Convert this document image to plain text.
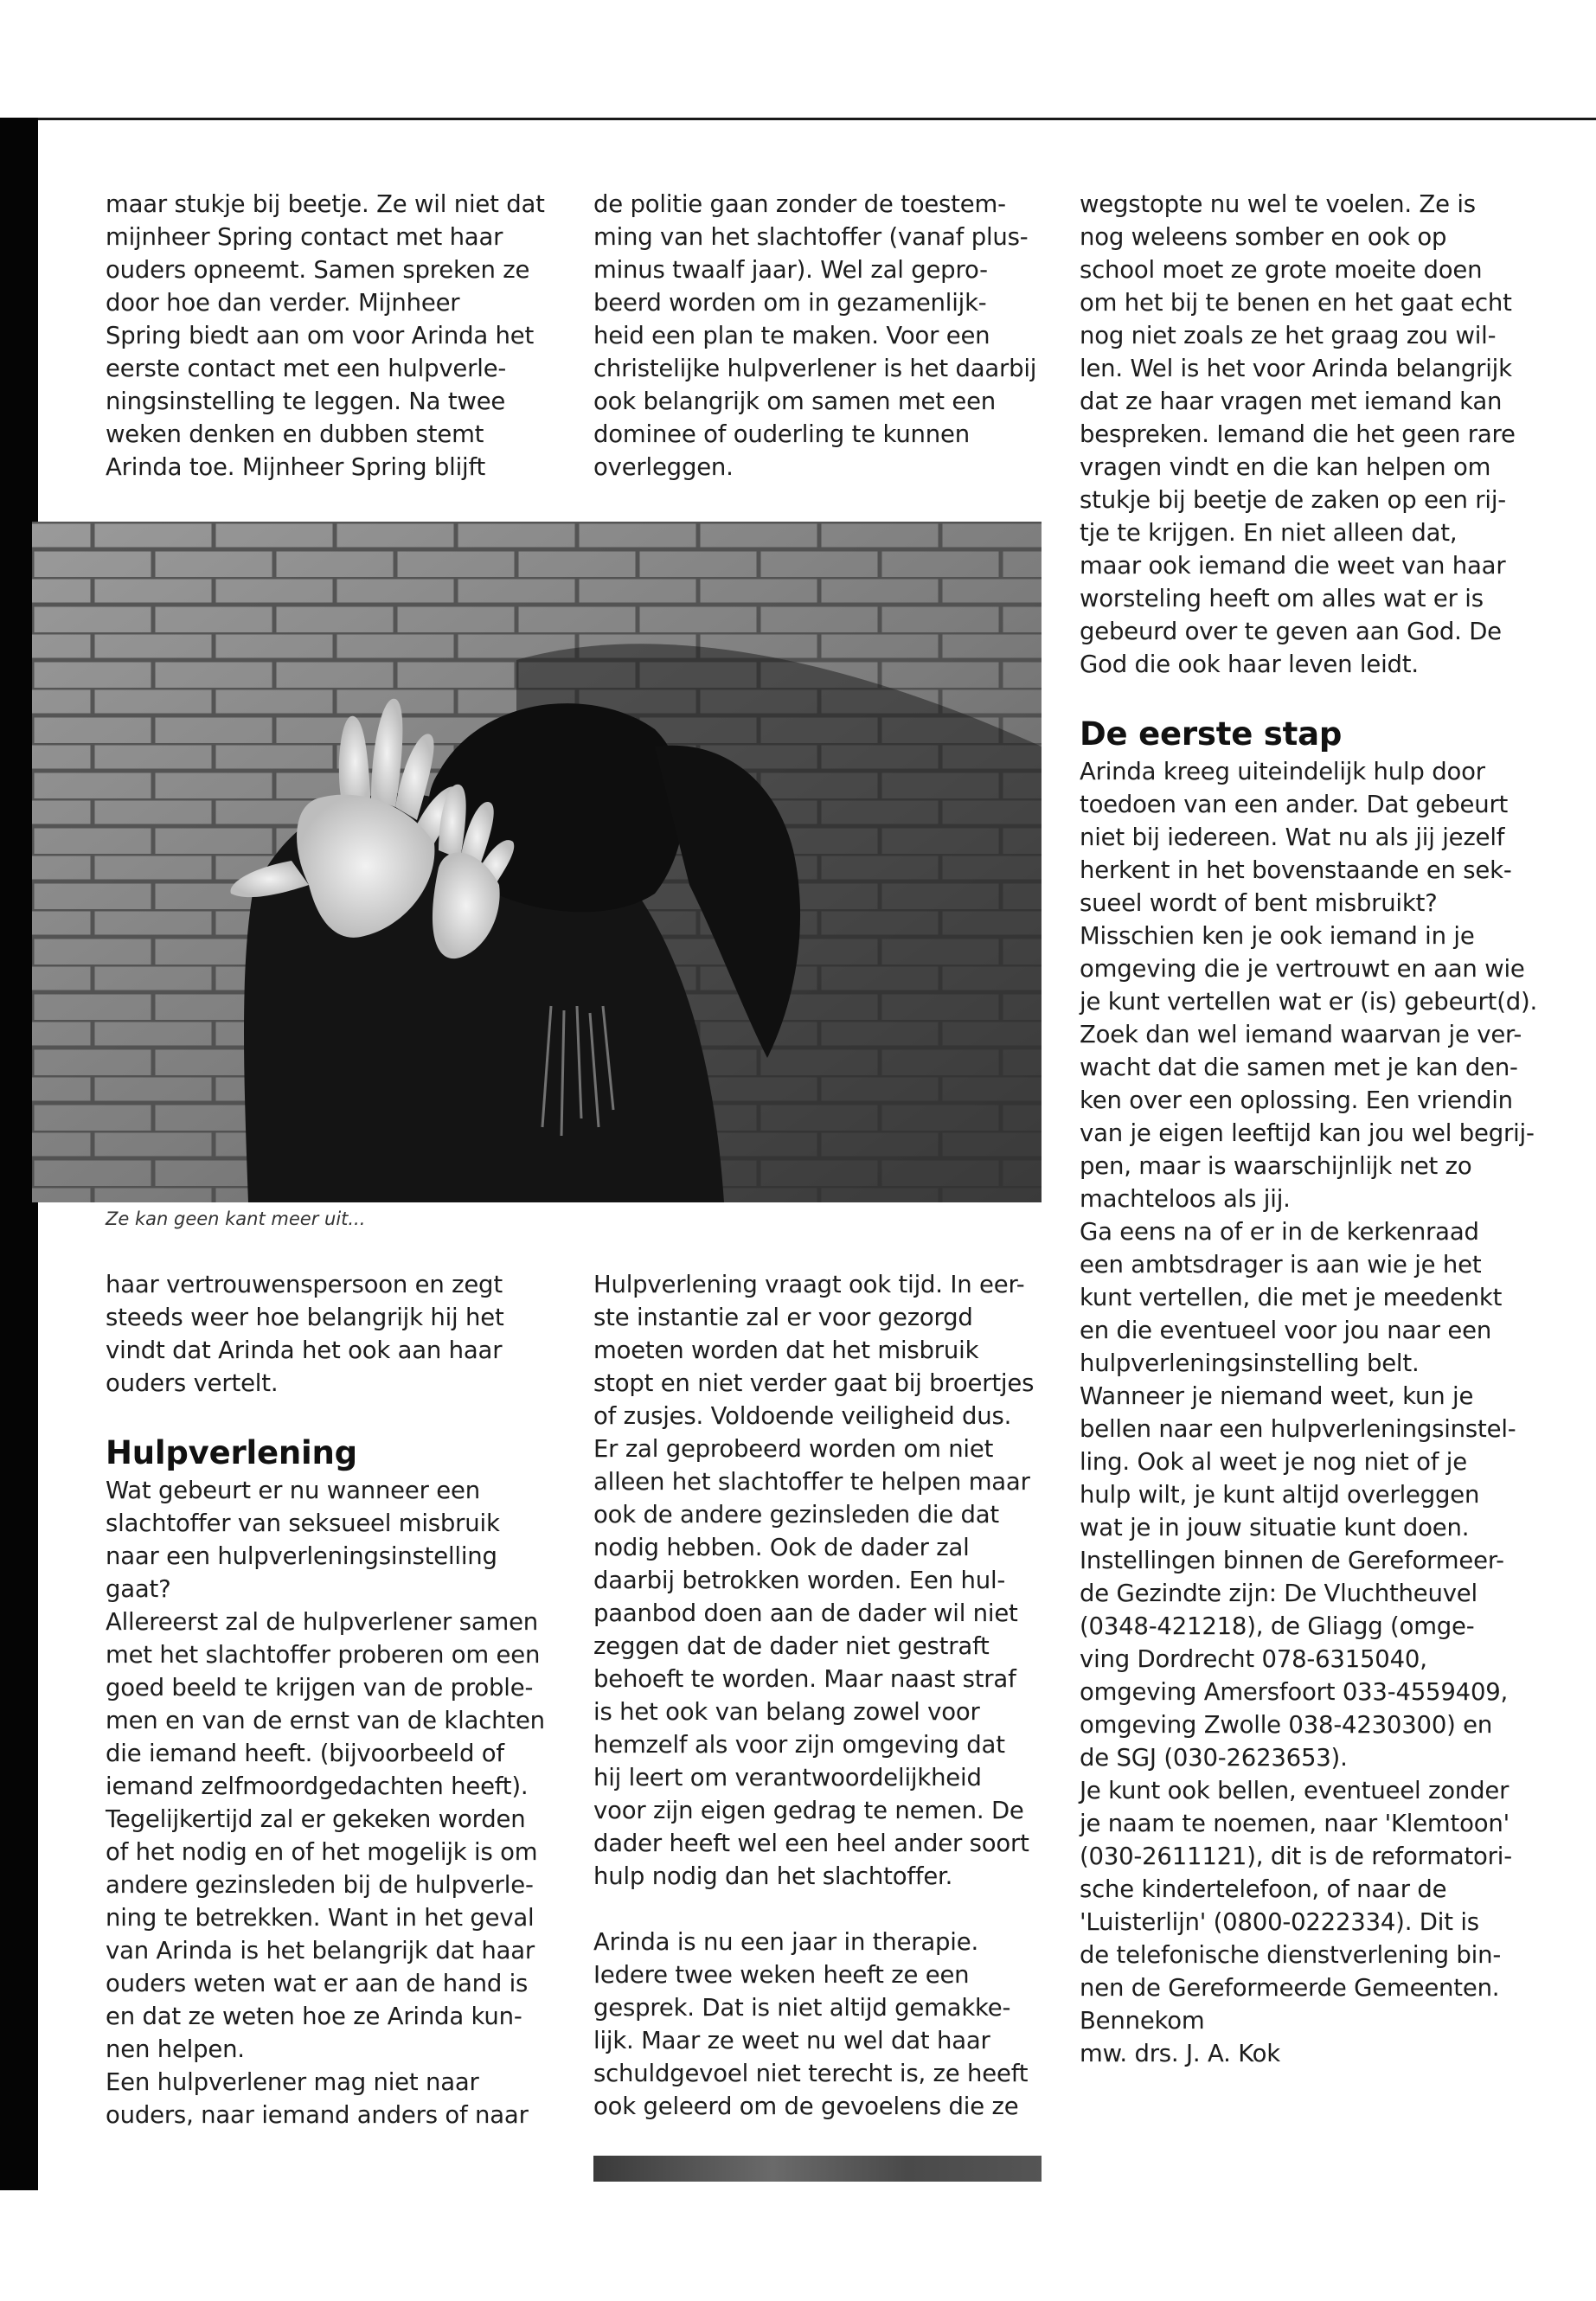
maar stukje bij beetje. Ze wil niet dat
mijnheer Spring contact met haar
ouders opneemt. Samen spreken ze
door hoe dan verder. Mijnheer
Spring biedt aan om voor Arinda het
eerste contact met een hulpverle-
ningsinstelling te leggen. Na twee
weken denken en dubben stemt
Arinda toe. Mijnheer Spring blijft

de politie gaan zonder de toestem-
ming van het slachtoffer (vanaf plus-
minus twaalf jaar). Wel zal gepro-
beerd worden om in gezamenlijk-
heid een plan te maken. Voor een
christelijke hulpverlener is het daarbij
ook belangrijk om samen met een
dominee of ouderling te kunnen
overleggen.

Ze kan geen kant meer uit...

haar vertrouwenspersoon en zegt
steeds weer hoe belangrijk hij het
vindt dat Arinda het ook aan haar
ouders vertelt.

Hulpverlening

Wat gebeurt er nu wanneer een
slachtoffer van seksueel misbruik
naar een hulpverleningsinstelling
gaat?
Allereerst zal de hulpverlener samen
met het slachtoffer proberen om een
goed beeld te krijgen van de proble-
men en van de ernst van de klachten
die iemand heeft. (bijvoorbeeld of
iemand zelfmoordgedachten heeft).
Tegelijkertijd zal er gekeken worden
of het nodig en of het mogelijk is om
andere gezinsleden bij de hulpverle-
ning te betrekken. Want in het geval
van Arinda is het belangrijk dat haar
ouders weten wat er aan de hand is
en dat ze weten hoe ze Arinda kun-
nen helpen.
Een hulpverlener mag niet naar
ouders, naar iemand anders of naar

Hulpverlening vraagt ook tijd. In eer-
ste instantie zal er voor gezorgd
moeten worden dat het misbruik
stopt en niet verder gaat bij broertjes
of zusjes. Voldoende veiligheid dus.
Er zal geprobeerd worden om niet
alleen het slachtoffer te helpen maar
ook de andere gezinsleden die dat
nodig hebben. Ook de dader zal
daarbij betrokken worden. Een hul-
paanbod doen aan de dader wil niet
zeggen dat de dader niet gestraft
behoeft te worden. Maar naast straf
is het ook van belang zowel voor
hemzelf als voor zijn omgeving dat
hij leert om verantwoordelijkheid
voor zijn eigen gedrag te nemen. De
dader heeft wel een heel ander soort
hulp nodig dan het slachtoffer.

Arinda is nu een jaar in therapie.
Iedere twee weken heeft ze een
gesprek. Dat is niet altijd gemakke-
lijk. Maar ze weet nu wel dat haar
schuldgevoel niet terecht is, ze heeft
ook geleerd om de gevoelens die ze

wegstopte nu wel te voelen. Ze is
nog weleens somber en ook op
school moet ze grote moeite doen
om het bij te benen en het gaat echt
nog niet zoals ze het graag zou wil-
len. Wel is het voor Arinda belangrijk
dat ze haar vragen met iemand kan
bespreken. Iemand die het geen rare
vragen vindt en die kan helpen om
stukje bij beetje de zaken op een rij-
tje te krijgen. En niet alleen dat,
maar ook iemand die weet van haar
worsteling heeft om alles wat er is
gebeurd over te geven aan God. De
God die ook haar leven leidt.

De eerste stap

Arinda kreeg uiteindelijk hulp door
toedoen van een ander. Dat gebeurt
niet bij iedereen. Wat nu als jij jezelf
herkent in het bovenstaande en sek-
sueel wordt of bent misbruikt?
Misschien ken je ook iemand in je
omgeving die je vertrouwt en aan wie
je kunt vertellen wat er (is) gebeurt(d).
Zoek dan wel iemand waarvan je ver-
wacht dat die samen met je kan den-
ken over een oplossing. Een vriendin
van je eigen leeftijd kan jou wel begrij-
pen, maar is waarschijnlijk net zo
machteloos als jij.
Ga eens na of er in de kerkenraad
een ambtsdrager is aan wie je het
kunt vertellen, die met je meedenkt
en die eventueel voor jou naar een
hulpverleningsinstelling belt.
Wanneer je niemand weet, kun je
bellen naar een hulpverleningsinstel-
ling. Ook al weet je nog niet of je
hulp wilt, je kunt altijd overleggen
wat je in jouw situatie kunt doen.
Instellingen binnen de Gereformeer-
de Gezindte zijn: De Vluchtheuvel
(0348-421218), de Gliagg (omge-
ving Dordrecht 078-6315040,
omgeving Amersfoort 033-4559409,
omgeving Zwolle 038-4230300) en
de SGJ (030-2623653).
Je kunt ook bellen, eventueel zonder
je naam te noemen, naar 'Klemtoon'
(030-2611121), dit is de reformatori-
sche kindertelefoon, of naar de
'Luisterlijn' (0800-0222334). Dit is
de telefonische dienstverlening bin-
nen de Gereformeerde Gemeenten.

Bennekom
mw. drs. J. A. Kok
